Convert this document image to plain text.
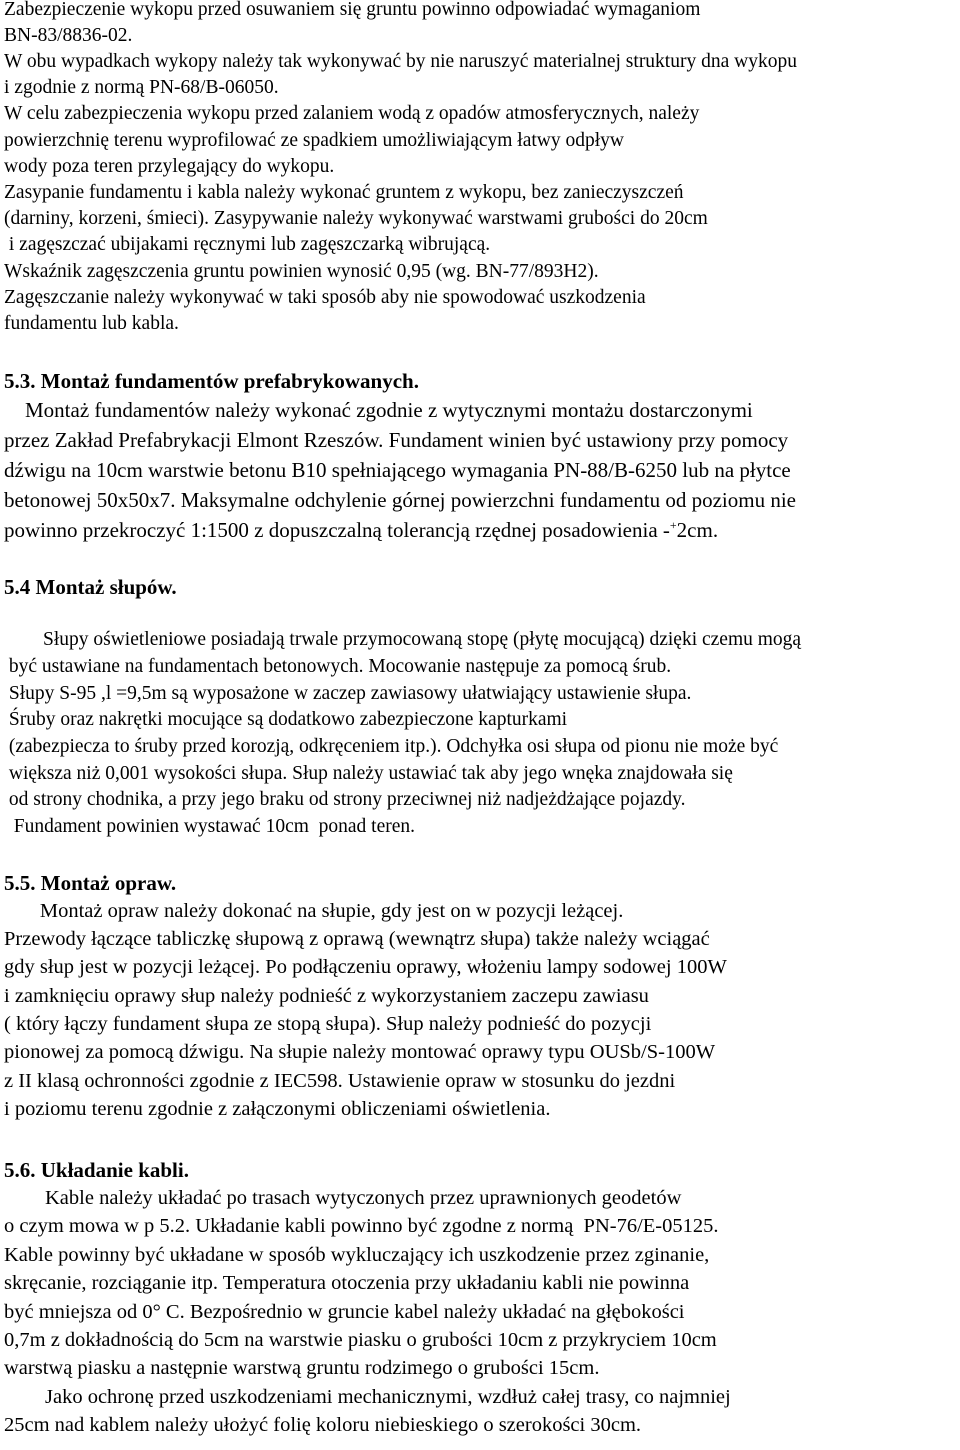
Zabezpieczenie wykopu przed osuwaniem się gruntu powinno odpowiadać wymaganiom
BN-83/8836-02.
W obu wypadkach wykopy należy tak wykonywać by nie naruszyć materialnej struktury dna wykopu
i zgodnie z normą PN-68/B-06050.
W celu zabezpieczenia wykopu przed zalaniem wodą z opadów atmosferycznych, należy
powierzchnię terenu wyprofilować ze spadkiem umożliwiającym łatwy odpływ
wody poza teren przylegający do wykopu.
Zasypanie fundamentu i kabla należy wykonać gruntem z wykopu, bez zanieczyszczeń
(darniny, korzeni, śmieci). Zasypywanie należy wykonywać warstwami grubości do 20cm
i zagęszczać ubijakami ręcznymi lub zagęszczarką wibrującą.
Wskaźnik zagęszczenia gruntu powinien wynosić 0,95 (wg. BN-77/893H2).
Zagęszczanie należy wykonywać w taki sposób aby nie spowodować uszkodzenia
fundamentu lub kabla.
5.3. Montaż fundamentów prefabrykowanych.
Montaż fundamentów należy wykonać zgodnie z wytycznymi montażu dostarczonymi
przez Zakład Prefabrykacji Elmont Rzeszów. Fundament winien być ustawiony przy pomocy
dźwigu na 10cm warstwie betonu B10 spełniającego wymagania PN-88/B-6250 lub na płytce
betonowej 50x50x7. Maksymalne odchylenie górnej powierzchni fundamentu od poziomu nie
powinno przekroczyć 1:1500 z dopuszczalną tolerancją rzędnej posadowienia -+2cm.
5.4 Montaż słupów.
Słupy oświetleniowe posiadają trwale przymocowaną stopę (płytę mocującą) dzięki czemu mogą
być ustawiane na fundamentach betonowych. Mocowanie następuje za pomocą śrub.
Słupy S-95 ,l =9,5m są wyposażone w zaczep zawiasowy ułatwiający ustawienie słupa.
Śruby oraz nakrętki mocujące są dodatkowo zabezpieczone kapturkami
(zabezpiecza to śruby przed korozją, odkręceniem itp.). Odchyłka osi słupa od pionu nie może być
większa niż 0,001 wysokości słupa. Słup należy ustawiać tak aby jego wnęka znajdowała się
od strony chodnika, a przy jego braku od strony przeciwnej niż nadjeżdżające pojazdy.
Fundament powinien wystawać 10cm  ponad teren.
5.5. Montaż opraw.
Montaż opraw należy dokonać na słupie, gdy jest on w pozycji leżącej.
Przewody łączące tabliczkę słupową z oprawą (wewnątrz słupa) także należy wciągać
gdy słup jest w pozycji leżącej. Po podłączeniu oprawy, włożeniu lampy sodowej 100W
i zamknięciu oprawy słup należy podnieść z wykorzystaniem zaczepu zawiasu
( który łączy fundament słupa ze stopą słupa). Słup należy podnieść do pozycji
pionowej za pomocą dźwigu. Na słupie należy montować oprawy typu OUSb/S-100W
z II klasą ochronności zgodnie z IEC598. Ustawienie opraw w stosunku do jezdni
i poziomu terenu zgodnie z załączonymi obliczeniami oświetlenia.
5.6. Układanie kabli.
Kable należy układać po trasach wytyczonych przez uprawnionych geodetów
o czym mowa w p 5.2. Układanie kabli powinno być zgodne z normą  PN-76/E-05125.
Kable powinny być układane w sposób wykluczający ich uszkodzenie przez zginanie,
skręcanie, rozciąganie itp. Temperatura otoczenia przy układaniu kabli nie powinna
być mniejsza od 0° C. Bezpośrednio w gruncie kabel należy układać na głębokości
0,7m z dokładnością do 5cm na warstwie piasku o grubości 10cm z przykryciem 10cm
warstwą piasku a następnie warstwą gruntu rodzimego o grubości 15cm.
Jako ochronę przed uszkodzeniami mechanicznymi, wzdłuż całej trasy, co najmniej
25cm nad kablem należy ułożyć folię koloru niebieskiego o szerokości 30cm.
